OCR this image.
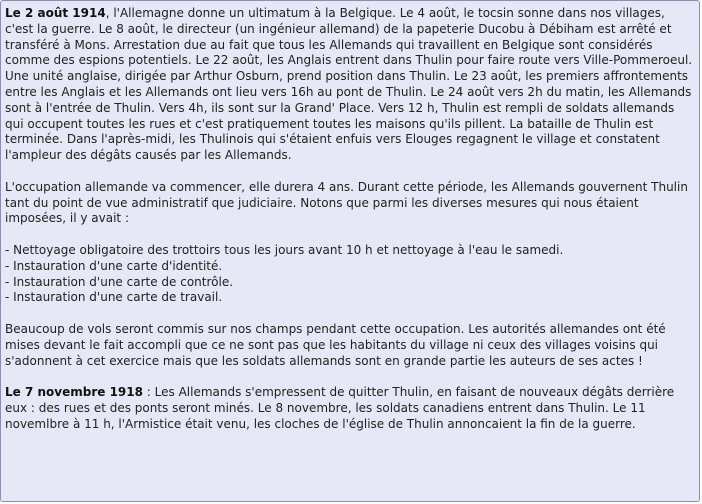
Le 2 août 1914, l'Allemagne donne un ultimatum à la Belgique. Le 4 août, le tocsin sonne dans nos villages, c'est la guerre. Le 8 août, le directeur (un ingénieur allemand) de la papeterie Ducobu à Débiham est arrêté et transféré à Mons. Arrestation due au fait que tous les Allemands qui travaillent en Belgique sont considérés comme des espions potentiels. Le 22 août, les Anglais entrent dans Thulin pour faire route vers Ville-Pommeroeul. Une unité anglaise, dirigée par Arthur Osburn, prend position dans Thulin. Le 23 août, les premiers affrontements entre les Anglais et les Allemands ont lieu vers 16h au pont de Thulin. Le 24 août vers 2h du matin, les Allemands sont à l'entrée de Thulin. Vers 4h, ils sont sur la Grand' Place. Vers 12 h, Thulin est rempli de soldats allemands qui occupent toutes les rues et c'est pratiquement toutes les maisons qu'ils pillent. La bataille de Thulin est terminée. Dans l'après-midi, les Thulinois qui s'étaient enfuis vers Elouges regagnent le village et constatent l'ampleur des dégâts causés par les Allemands.

L'occupation allemande va commencer, elle durera 4 ans. Durant cette période, les Allemands gouvernent Thulin tant du point de vue administratif que judiciaire. Notons que parmi les diverses mesures qui nous étaient imposées, il y avait :

- Nettoyage obligatoire des trottoirs tous les jours avant 10 h et nettoyage à l'eau le samedi.

- Instauration d'une carte d'identité.

- Instauration d'une carte de contrôle.

- Instauration d'une carte de travail.

Beaucoup de vols seront commis sur nos champs pendant cette occupation. Les autorités allemandes ont été mises devant le fait accompli que ce ne sont pas que les habitants du village ni ceux des villages voisins qui s'adonnent à cet exercice mais que les soldats allemands sont en grande partie les auteurs de ses actes !

Le 7 novembre 1918 : Les Allemands s'empressent de quitter Thulin, en faisant de nouveaux dégâts derrière eux : des rues et des ponts seront minés. Le 8 novembre, les soldats canadiens entrent dans Thulin. Le 11 novemlbre à 11 h, l'Armistice était venu, les cloches de l'église de Thulin annoncaient la fin de la guerre.
